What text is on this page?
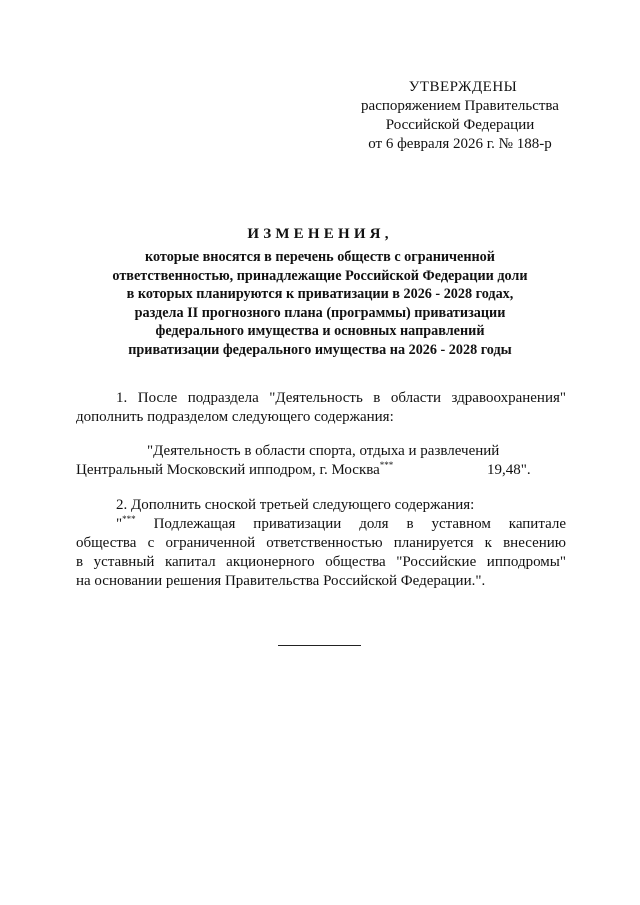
УТВЕРЖДЕНЫ
распоряжением Правительства
Российской Федерации
от 6 февраля 2026 г. № 188-р
ИЗМЕНЕНИЯ,
которые вносятся в перечень обществ с ограниченной
ответственностью, принадлежащие Российской Федерации доли
в которых планируются к приватизации в 2026 - 2028 годах,
раздела II прогнозного плана (программы) приватизации
федерального имущества и основных направлений
приватизации федерального имущества на 2026 - 2028 годы
1. После подраздела "Деятельность в области здравоохранения"
дополнить подразделом следующего содержания:
"Деятельность в области спорта, отдыха и развлечений
Центральный Московский ипподром, г. Москва***	19,48".
2. Дополнить сноской третьей следующего содержания:
"*** Подлежащая приватизации доля в уставном капитале
общества с ограниченной ответственностью планируется к внесению
в уставный капитал акционерного общества "Российские ипподромы"
на основании решения Правительства Российской Федерации.".
